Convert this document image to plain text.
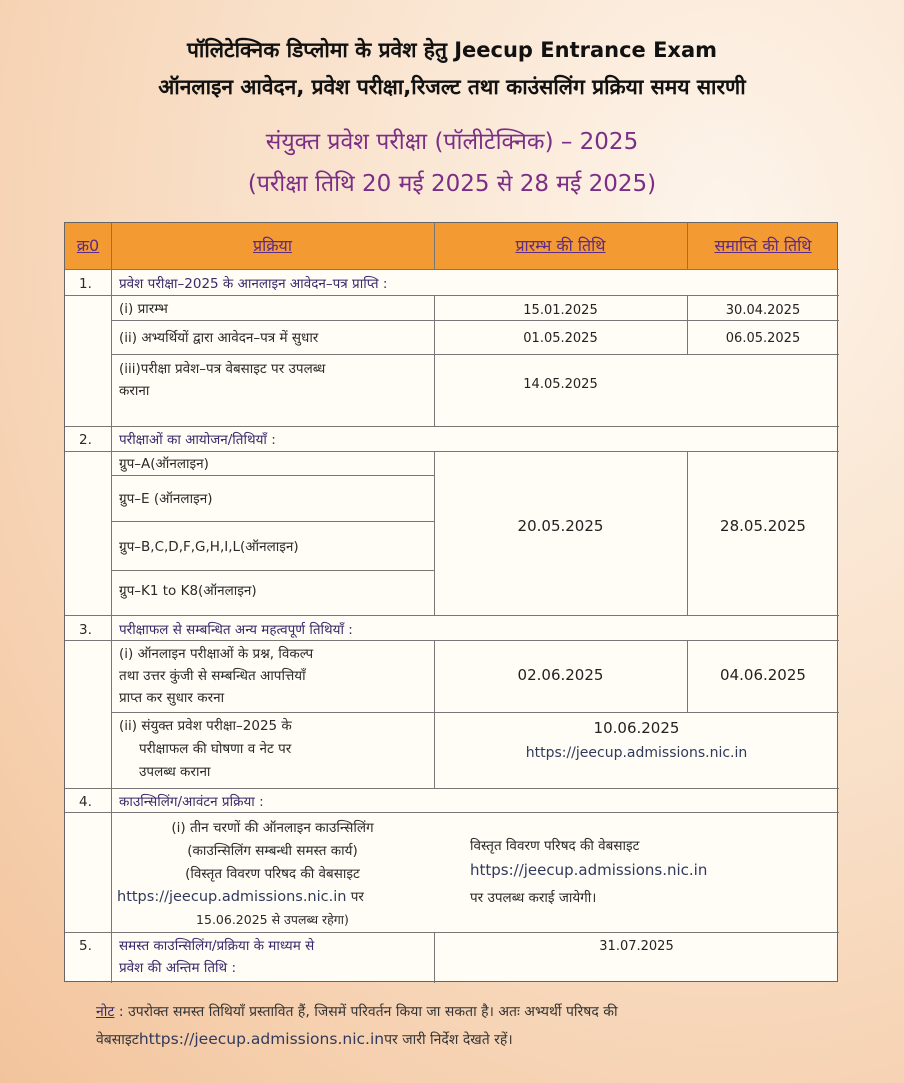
पॉलिटेक्निक डिप्लोमा के प्रवेश हेतु Jeecup Entrance Exam
ऑनलाइन आवेदन, प्रवेश परीक्षा,रिजल्ट तथा काउंसलिंग प्रक्रिया समय सारणी
संयुक्त प्रवेश परीक्षा (पॉलीटेक्निक) – 2025
(परीक्षा तिथि 20 मई 2025 से 28 मई 2025)
क्र0	प्रक्रिया	प्रारम्भ की तिथि	समाप्ति की तिथि
1. प्रवेश परीक्षा–2025 के आनलाइन आवेदन–पत्र प्राप्ति :
(i) प्रारम्भ	15.01.2025	30.04.2025
(ii) अभ्यर्थियों द्वारा आवेदन–पत्र में सुधार	01.05.2025	06.05.2025
(iii)परीक्षा प्रवेश–पत्र वेबसाइट पर उपलब्ध
कराना	14.05.2025
2. परीक्षाओं का आयोजन/तिथियाँ :
ग्रुप–A(ऑनलाइन)
ग्रुप–E (ऑनलाइन)
ग्रुप–B,C,D,F,G,H,I,L(ऑनलाइन)
ग्रुप–K1 to K8(ऑनलाइन)
20.05.2025	28.05.2025
3. परीक्षाफल से सम्बन्धित अन्य महत्वपूर्ण तिथियाँ :
(i) ऑनलाइन परीक्षाओं के प्रश्न, विकल्प
तथा उत्तर कुंजी से सम्बन्धित आपत्तियाँ
प्राप्त कर सुधार करना
02.06.2025	04.06.2025
(ii) संयुक्त प्रवेश परीक्षा–2025 के
परीक्षाफल की घोषणा व नेट पर
उपलब्ध कराना
10.06.2025
https://jeecup.admissions.nic.in
4. काउन्सिलिंग/आवंटन प्रक्रिया :
(i) तीन चरणों की ऑनलाइन काउन्सिलिंग
(काउन्सिलिंग सम्बन्धी समस्त कार्य)
(विस्तृत विवरण परिषद की वेबसाइट
https://jeecup.admissions.nic.in पर
15.06.2025 से उपलब्ध रहेगा)
विस्तृत विवरण परिषद की वेबसाइट
https://jeecup.admissions.nic.in
पर उपलब्ध कराई जायेगी।
5. समस्त काउन्सिलिंग/प्रक्रिया के माध्यम से
प्रवेश की अन्तिम तिथि :
31.07.2025
नोट : उपरोक्त समस्त तिथियाँ प्रस्तावित हैं, जिसमें परिवर्तन किया जा सकता है। अतः अभ्यर्थी परिषद की
वेबसाइटhttps://jeecup.admissions.nic.inपर जारी निर्देश देखते रहें।
